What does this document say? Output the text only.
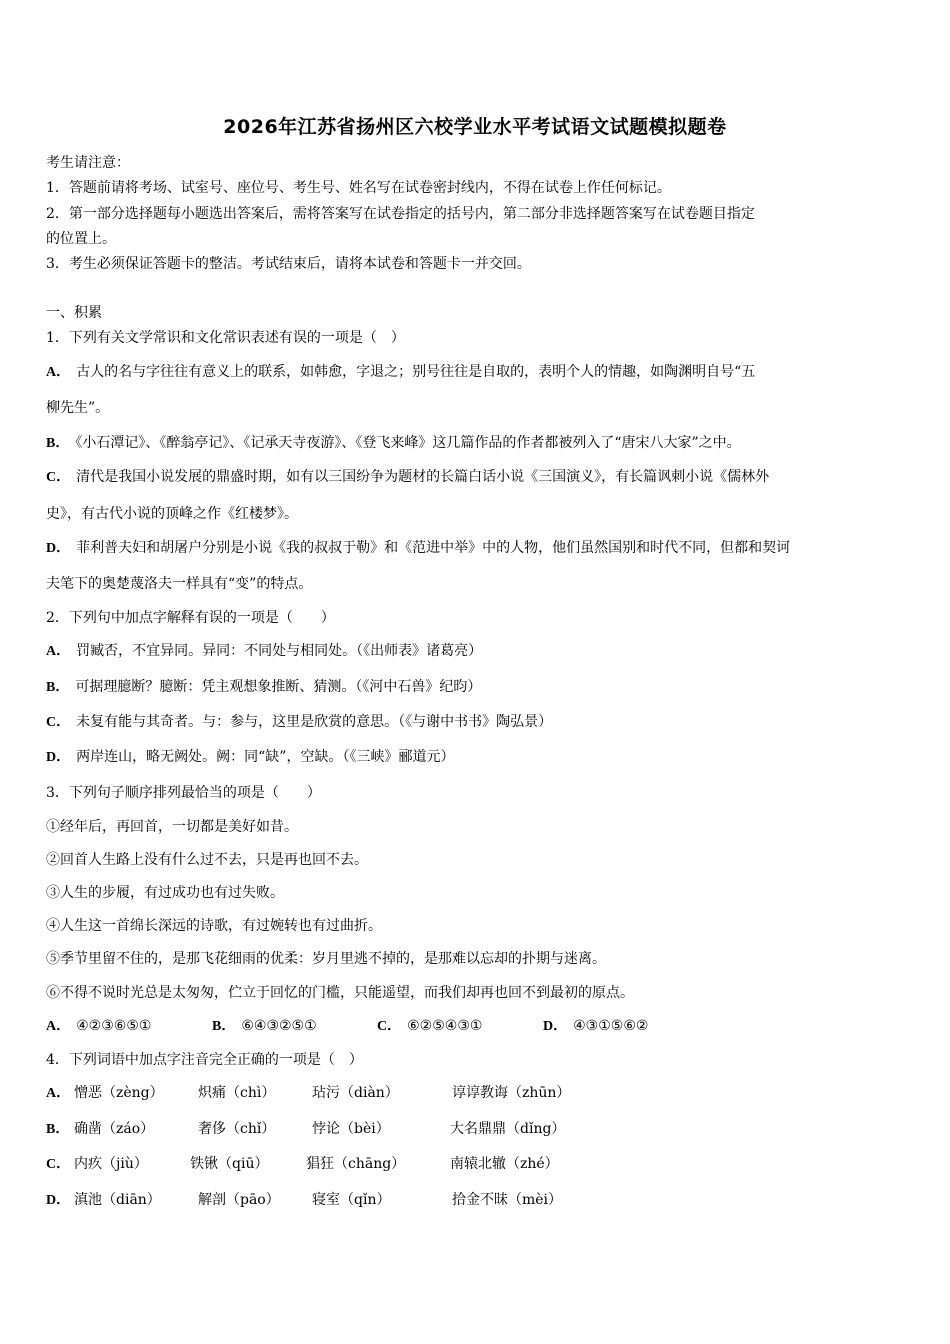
2026年江苏省扬州区六校学业水平考试语文试题模拟题卷
考生请注意：
1．答题前请将考场、试室号、座位号、考生号、姓名写在试卷密封线内，不得在试卷上作任何标记。
2．第一部分选择题每小题选出答案后，需将答案写在试卷指定的括号内，第二部分非选择题答案写在试卷题目指定
的位置上。
3．考生必须保证答题卡的整洁。考试结束后，请将本试卷和答题卡一并交回。
一、积累
1．下列有关文学常识和文化常识表述有误的一项是（　）
A． 古人的名与字往往有意义上的联系，如韩愈，字退之；别号往往是自取的，表明个人的情趣，如陶渊明自号“五
柳先生”。
B． 《小石潭记》、《醉翁亭记》、《记承天寺夜游》、《登飞来峰》这几篇作品的作者都被列入了“唐宋八大家”之中。
C． 清代是我国小说发展的鼎盛时期，如有以三国纷争为题材的长篇白话小说《三国演义》，有长篇讽刺小说《儒林外
史》，有古代小说的顶峰之作《红楼梦》。
D． 菲利普夫妇和胡屠户分别是小说《我的叔叔于勒》和《范进中举》中的人物，他们虽然国别和时代不同，但都和契诃
夫笔下的奥楚蔑洛夫一样具有“变”的特点。
2．下列句中加点字解释有误的一项是（　　）
A． 罚臧否，不宜异同。异同：不同处与相同处。（《出师表》诸葛亮）
B． 可据理臆断？臆断：凭主观想象推断、猜测。（《河中石兽》纪昀）
C． 未复有能与其奇者。与：参与，这里是欣赏的意思。（《与谢中书书》陶弘景）
D． 两岸连山，略无阙处。阙：同“缺”，空缺。（《三峡》郦道元）
3．下列句子顺序排列最恰当的项是（　　）
①经年后，再回首，一切都是美好如昔。
②回首人生路上没有什么过不去，只是再也回不去。
③人生的步履，有过成功也有过失败。
④人生这一首绵长深远的诗歌，有过婉转也有过曲折。
⑤季节里留不住的，是那飞花细雨的优柔：岁月里逃不掉的，是那难以忘却的扑期与迷离。
⑥不得不说时光总是太匆匆，伫立于回忆的门槛，只能遥望，而我们却再也回不到最初的原点。
A． ④②③⑥⑤①	B． ⑥④③②⑤①	C． ⑥②⑤④③①	D． ④③①⑤⑥②
4．下列词语中加点字注音完全正确的一项是（　）
A． 憎恶（zèng） 炽痛（chì）	玷污（diàn）	谆谆教诲（zhūn）
B． 确凿（záo）	奢侈（chǐ）	悖论（bèi）	大名鼎鼎（dǐng）
C． 内疚（jiù）	铁锹（qiū）	猖狂（chāng）	南辕北辙（zhé）
D． 滇池（diān）	解剖（pāo） 寝室（qǐn）	拾金不昧（mèi）
